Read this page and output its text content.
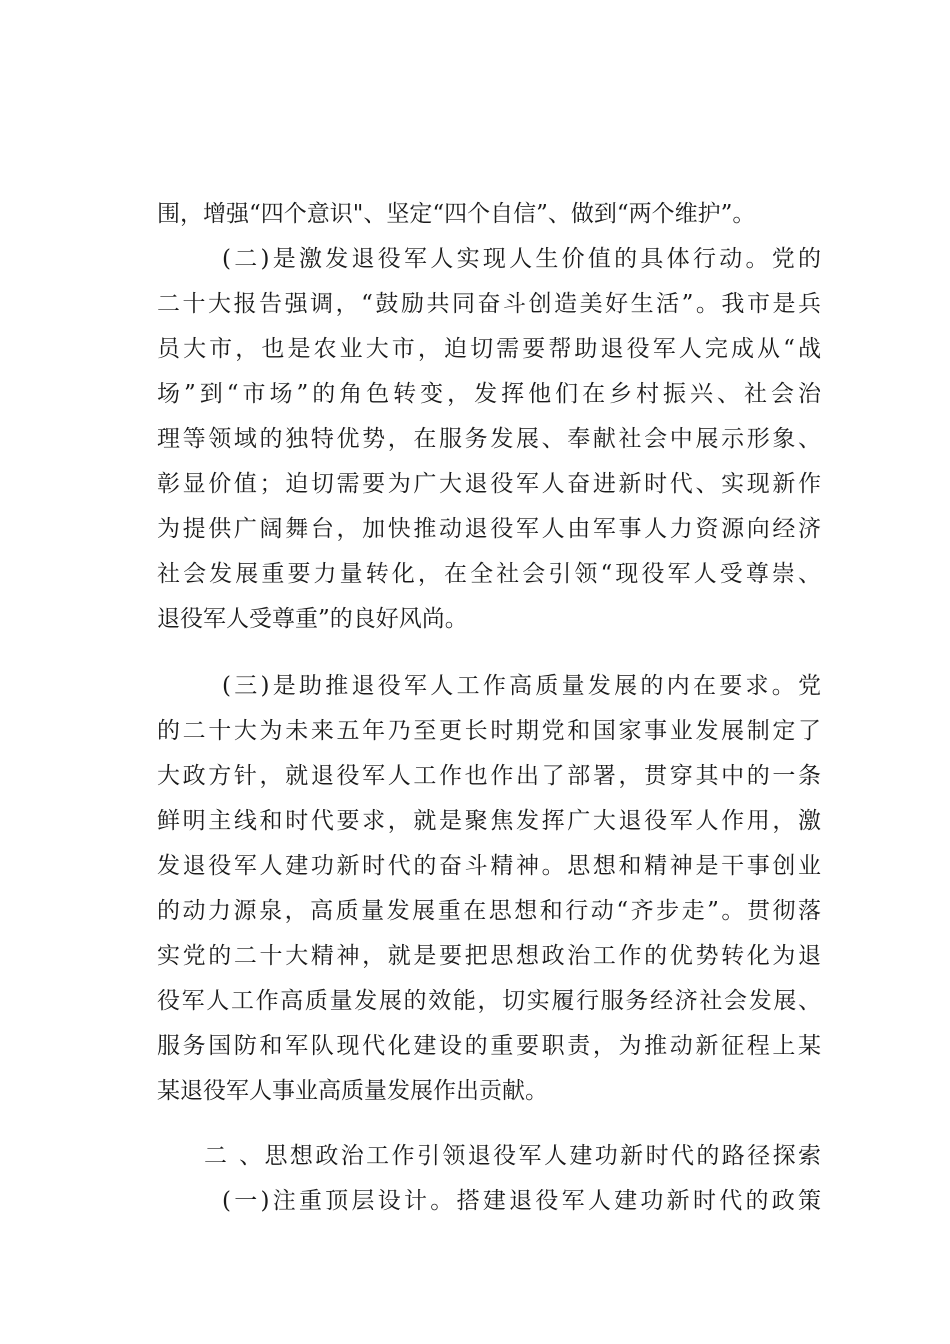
围，增强“四个意识"、坚定“四个自信”、做到“两个维护”。
(二)是激发退役军人实现人生价值的具体行动。党的
二十大报告强调，“鼓励共同奋斗创造美好生活”。我市是兵
员大市，也是农业大市，迫切需要帮助退役军人完成从“战
场”到“市场”的角色转变，发挥他们在乡村振兴、社会治
理等领域的独特优势，在服务发展、奉献社会中展示形象、
彰显价值；迫切需要为广大退役军人奋进新时代、实现新作
为提供广阔舞台，加快推动退役军人由军事人力资源向经济
社会发展重要力量转化，在全社会引领“现役军人受尊崇、
退役军人受尊重”的良好风尚。
(三)是助推退役军人工作高质量发展的内在要求。党
的二十大为未来五年乃至更长时期党和国家事业发展制定了
大政方针，就退役军人工作也作出了部署，贯穿其中的一条
鲜明主线和时代要求，就是聚焦发挥广大退役军人作用，激
发退役军人建功新时代的奋斗精神。思想和精神是干事创业
的动力源泉，高质量发展重在思想和行动“齐步走”。贯彻落
实党的二十大精神，就是要把思想政治工作的优势转化为退
役军人工作高质量发展的效能，切实履行服务经济社会发展、
服务国防和军队现代化建设的重要职责，为推动新征程上某
某退役军人事业高质量发展作出贡献。
二 、思想政治工作引领退役军人建功新时代的路径探索
(一)注重顶层设计。搭建退役军人建功新时代的政策
